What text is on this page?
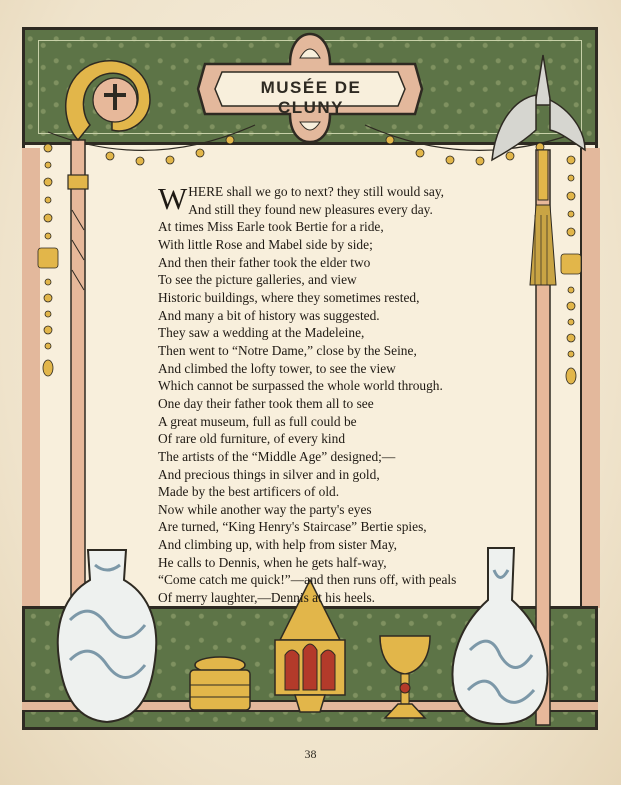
MUSÉE DE CLUNY
WHERE shall we go to next? they still would say,
And still they found new pleasures every day.
At times Miss Earle took Bertie for a ride,
With little Rose and Mabel side by side;
And then their father took the elder two
To see the picture galleries, and view
Historic buildings, where they sometimes rested,
And many a bit of history was suggested.
They saw a wedding at the Madeleine,
Then went to “Notre Dame,” close by the Seine,
And climbed the lofty tower, to see the view
Which cannot be surpassed the whole world through.
One day their father took them all to see
A great museum, full as full could be
Of rare old furniture, of every kind
The artists of the “Middle Age” designed;—
And precious things in silver and in gold,
Made by the best artificers of old.
Now while another way the party's eyes
Are turned, “King Henry's Staircase” Bertie spies,
And climbing up, with help from sister May,
He calls to Dennis, when he gets half-way,
“Come catch me quick!”—and then runs off, with peals
Of merry laughter,—Dennis at his heels.
38
